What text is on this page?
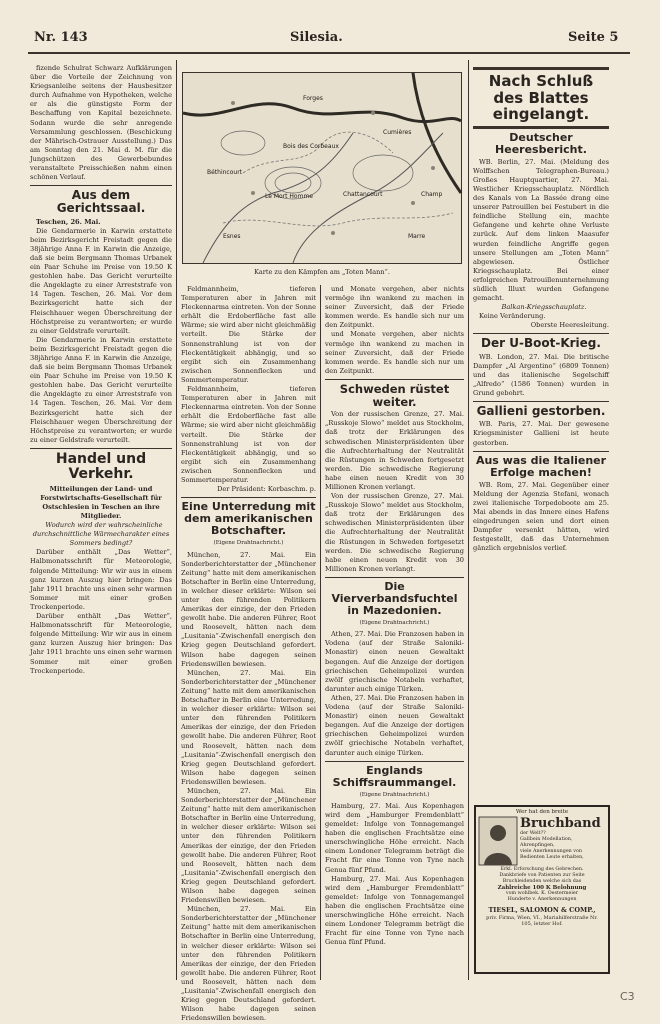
Nr. 143	Silesia.	Seite 5

fizende Schulrat Schwarz Aufklärungen über die Vorteile der Zeichnung von Kriegsanleihe seitens der Hausbesitzer durch Aufnahme von Hypotheken, welche er als die günstigste Form der Beschaffung von Kapital bezeichnete. Sodann wurde die sehr anregende Versammlung geschlossen. (Beschickung der Mährisch-Ostrauer Ausstellung.) Das am Sonntag den 21. Mai d. M. für die Jungschützen des Gewerbebundes veranstaltete Preisschießen nahm einen schönen Verlauf.

Aus dem Gerichtssaal.

Teschen, 26. Mai.

Die Gendarmerie in Karwin erstattete beim Bezirksgericht Freistadt gegen die 38jährige Anna F. in Karwin die Anzeige, daß sie beim Bergmann Thomas Urbanek ein Paar Schuhe im Preise von 19.50 K gestohlen habe. Das Gericht verurteilte die Angeklagte zu einer Arreststrafe von 14 Tagen. Teschen, 26. Mai. Vor dem Bezirksgericht hatte sich der Fleischhauer wegen Überschreitung der Höchstpreise zu verantworten; er wurde zu einer Geldstrafe verurteilt.

Die Gendarmerie in Karwin erstattete beim Bezirksgericht Freistadt gegen die 38jährige Anna F. in Karwin die Anzeige, daß sie beim Bergmann Thomas Urbanek ein Paar Schuhe im Preise von 19.50 K gestohlen habe. Das Gericht verurteilte die Angeklagte zu einer Arreststrafe von 14 Tagen. Teschen, 26. Mai. Vor dem Bezirksgericht hatte sich der Fleischhauer wegen Überschreitung der Höchstpreise zu verantworten; er wurde zu einer Geldstrafe verurteilt.

Handel und Verkehr.

Mitteilungen der Land- und Forstwirtschafts-Gesellschaft für Ostschlesien in Teschen an ihre Mitglieder.

Wodurch wird der wahrscheinliche durchschnittliche Wärmecharakter eines Sommers bedingt?

Darüber enthält „Das Wetter“, Halbmonatsschrift für Meteorologie, folgende Mitteilung: Wir wir aus in einem ganz kurzen Auszug hier bringen: Das Jahr 1911 brachte uns einen sehr warmen Sommer mit einer großen Trockenperiode.

Darüber enthält „Das Wetter“, Halbmonatsschrift für Meteorologie, folgende Mitteilung: Wir wir aus in einem ganz kurzen Auszug hier bringen: Das Jahr 1911 brachte uns einen sehr warmen Sommer mit einer großen Trockenperiode.

Béthincourt
Le Mort Homme
Cumières
Chattancourt
Esnes	Marre
Forges
Bois des Corbeaux
Champ
Karte zu den Kämpfen am „Toten Mann“.

Feldmannheim, tieferen Temperaturen aber in Jahren mit Fleckennarma eintreten. Von der Sonne erhält die Erdoberfläche fast alle Wärme; sie wird aber nicht gleichmäßig verteilt. Die Stärke der Sonnenstrahlung ist von der Fleckentätigkeit abhängig, und so ergibt sich ein Zusammenhang zwischen Sonnenflecken und Sommertemperatur.

Feldmannheim, tieferen Temperaturen aber in Jahren mit Fleckennarma eintreten. Von der Sonne erhält die Erdoberfläche fast alle Wärme; sie wird aber nicht gleichmäßig verteilt. Die Stärke der Sonnenstrahlung ist von der Fleckentätigkeit abhängig, und so ergibt sich ein Zusammenhang zwischen Sonnenflecken und Sommertemperatur.

Der Präsident: Korbaschm. p.

Eine Unterredung mit dem amerikanischen Botschafter.
(Eigene Drahtnachricht.)

München, 27. Mai. Ein Sonderberichterstatter der „Münchener Zeitung“ hatte mit dem amerikanischen Botschafter in Berlin eine Unterredung, in welcher dieser erklärte: Wilson sei unter den führenden Politikern Amerikas der einzige, der den Frieden gewollt habe. Die anderen Führer, Root und Roosevelt, hätten nach dem „Lusitania“-Zwischenfall energisch den Krieg gegen Deutschland gefordert. Wilson habe dagegen seinen Friedenswillen bewiesen.

München, 27. Mai. Ein Sonderberichterstatter der „Münchener Zeitung“ hatte mit dem amerikanischen Botschafter in Berlin eine Unterredung, in welcher dieser erklärte: Wilson sei unter den führenden Politikern Amerikas der einzige, der den Frieden gewollt habe. Die anderen Führer, Root und Roosevelt, hätten nach dem „Lusitania“-Zwischenfall energisch den Krieg gegen Deutschland gefordert. Wilson habe dagegen seinen Friedenswillen bewiesen.

München, 27. Mai. Ein Sonderberichterstatter der „Münchener Zeitung“ hatte mit dem amerikanischen Botschafter in Berlin eine Unterredung, in welcher dieser erklärte: Wilson sei unter den führenden Politikern Amerikas der einzige, der den Frieden gewollt habe. Die anderen Führer, Root und Roosevelt, hätten nach dem „Lusitania“-Zwischenfall energisch den Krieg gegen Deutschland gefordert. Wilson habe dagegen seinen Friedenswillen bewiesen.

München, 27. Mai. Ein Sonderberichterstatter der „Münchener Zeitung“ hatte mit dem amerikanischen Botschafter in Berlin eine Unterredung, in welcher dieser erklärte: Wilson sei unter den führenden Politikern Amerikas der einzige, der den Frieden gewollt habe. Die anderen Führer, Root und Roosevelt, hätten nach dem „Lusitania“-Zwischenfall energisch den Krieg gegen Deutschland gefordert. Wilson habe dagegen seinen Friedenswillen bewiesen.

und Monate vergehen, aber nichts vermöge ihn wankend zu machen in seiner Zuversicht, daß der Friede kommen werde. Es handle sich nur um den Zeitpunkt.

und Monate vergehen, aber nichts vermöge ihn wankend zu machen in seiner Zuversicht, daß der Friede kommen werde. Es handle sich nur um den Zeitpunkt.

Schweden rüstet weiter.

Von der russischen Grenze, 27. Mai. „Russkoje Slowo“ meldet aus Stockholm, daß trotz der Erklärungen des schwedischen Ministerpräsidenten über die Aufrechterhaltung der Neutralität die Rüstungen in Schweden fortgesetzt werden. Die schwedische Regierung habe einen neuen Kredit von 30 Millionen Kronen verlangt.

Von der russischen Grenze, 27. Mai. „Russkoje Slowo“ meldet aus Stockholm, daß trotz der Erklärungen des schwedischen Ministerpräsidenten über die Aufrechterhaltung der Neutralität die Rüstungen in Schweden fortgesetzt werden. Die schwedische Regierung habe einen neuen Kredit von 30 Millionen Kronen verlangt.

Die Vierverbandsfuchtel in Mazedonien.
(Eigene Drahtnachricht.)

Athen, 27. Mai. Die Franzosen haben in Vodena (auf der Straße Saloniki-Monastir) einen neuen Gewaltakt begangen. Auf die Anzeige der dortigen griechischen Geheimpolizei wurden zwölf griechische Notabeln verhaftet, darunter auch einige Türken.

Athen, 27. Mai. Die Franzosen haben in Vodena (auf der Straße Saloniki-Monastir) einen neuen Gewaltakt begangen. Auf die Anzeige der dortigen griechischen Geheimpolizei wurden zwölf griechische Notabeln verhaftet, darunter auch einige Türken.

Englands Schiffsraummangel.
(Eigene Drahtnachricht.)

Hamburg, 27. Mai. Aus Kopenhagen wird dem „Hamburger Fremdenblatt“ gemeldet: Infolge von Tonnagemangel haben die englischen Frachtsätze eine unerschwingliche Höhe erreicht. Nach einem Londoner Telegramm beträgt die Fracht für eine Tonne von Tyne nach Genua fünf Pfund.

Hamburg, 27. Mai. Aus Kopenhagen wird dem „Hamburger Fremdenblatt“ gemeldet: Infolge von Tonnagemangel haben die englischen Frachtsätze eine unerschwingliche Höhe erreicht. Nach einem Londoner Telegramm beträgt die Fracht für eine Tonne von Tyne nach Genua fünf Pfund.

Nach Schluß des Blattes eingelangt.
Deutscher Heeresbericht.

WB. Berlin, 27. Mai. (Meldung des Wolffschen Telegraphen-Bureau.) Großes Hauptquartier, 27. Mai. Westlicher Kriegsschauplatz. Nördlich des Kanals von La Bassée drang eine unserer Patrouillen bei Festubert in die feindliche Stellung ein, machte Gefangene und kehrte ohne Verluste zurück. Auf dem linken Maasufer wurden feindliche Angriffe gegen unsere Stellungen am „Toten Mann“ abgewiesen. Östlicher Kriegsschauplatz. Bei einer erfolgreichen Patrouillenunternehmung südlich Illuxt wurden Gefangene gemacht.

Balkan-Kriegsschauplatz.

Keine Veränderung.

Oberste Heeresleitung.

Der U-Boot-Krieg.

WB. London, 27. Mai. Die britische Dampfer „Al Argentino“ (6809 Tonnen) und das italienische Segelschiff „Alfredo“ (1586 Tonnen) wurden in Grund gebohrt.

Gallieni gestorben.

WB. Paris, 27. Mai. Der gewesene Kriegsminister Gallieni ist heute gestorben.

Aus was die Italiener Erfolge machen!

WB. Rom, 27. Mai. Gegenüber einer Meldung der Agenzia Stefani, wonach zwei italienische Torpedoboote am 25. Mai abends in das Innere eines Hafens eingedrungen seien und dort einen Dampfer versenkt hätten, wird festgestellt, daß das Unternehmen gänzlich ergebnislos verlief.

Wer hat den breite
Bruchband
der Welt??
Gallbein Modellation, Ahrenpfingen,
viele Anerkennungen von
Bedienten Leute erhalten,
Erkl. Erforschung des Gebrechen.
Dankbriefe von Patienten zur Seite
Bruchleidenden welche sich das
Zahlreiche 100 K Belohnung
vom wohlbek. K. Oestermeier
Hunderte v. Anerkennungen
TIESEL, SALOMON & COMP.,
priv. Firma, Wien, VI., Mariahilferstraße Nr. 105, letzter Hof.
C3
